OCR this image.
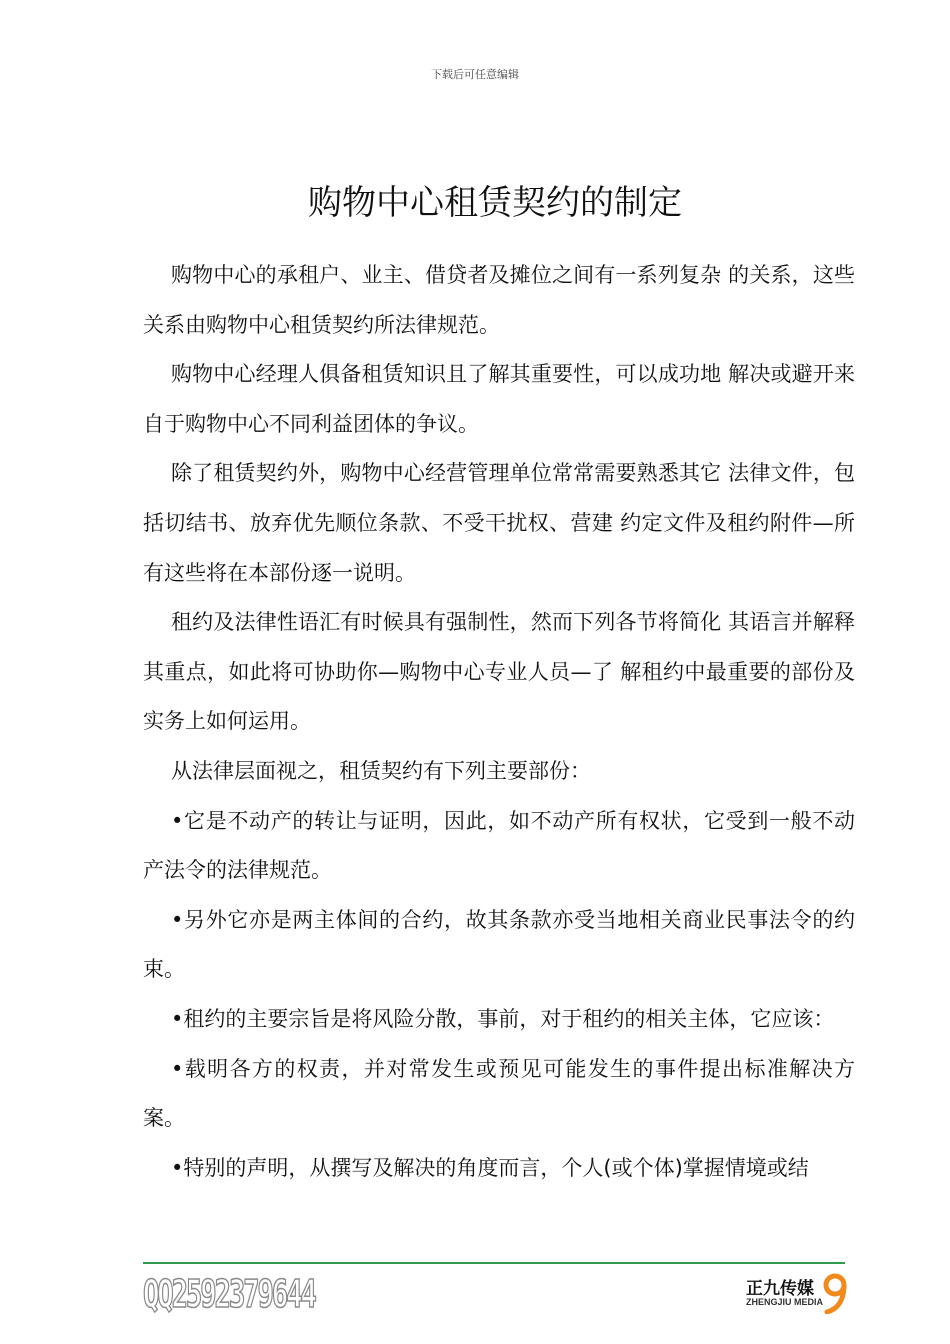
下载后可任意编辑
购物中心租赁契约的制定

购物中心的承租户、业主、借贷者及摊位之间有一系列复杂 的关系，这些关系由购物中心租赁契约所法律规范。

购物中心经理人俱备租赁知识且了解其重要性，可以成功地 解决或避开来自于购物中心不同利益团体的争议。

除了租赁契约外，购物中心经营管理单位常常需要熟悉其它 法律文件，包括切结书、放弃优先顺位条款、不受干扰权、营建 约定文件及租约附件—所有这些将在本部份逐一说明。

租约及法律性语汇有时候具有强制性，然而下列各节将简化 其语言并解释其重点，如此将可协助你—购物中心专业人员—了 解租约中最重要的部份及实务上如何运用。

从法律层面视之，租赁契约有下列主要部份：

•它是不动产的转让与证明，因此，如不动产所有权状，它受到一般不动产法令的法律规范。

•另外它亦是两主体间的合约，故其条款亦受当地相关商业民事法令的约束。

•租约的主要宗旨是将风险分散，事前，对于租约的相关主体，它应该：

•载明各方的权责，并对常发生或预见可能发生的事件提出标准解决方案。

•特别的声明，从撰写及解决的角度而言，个人(或个体)掌握情境或结

QQ2592379644	正九传媒
ZHENGJIU MEDIA
